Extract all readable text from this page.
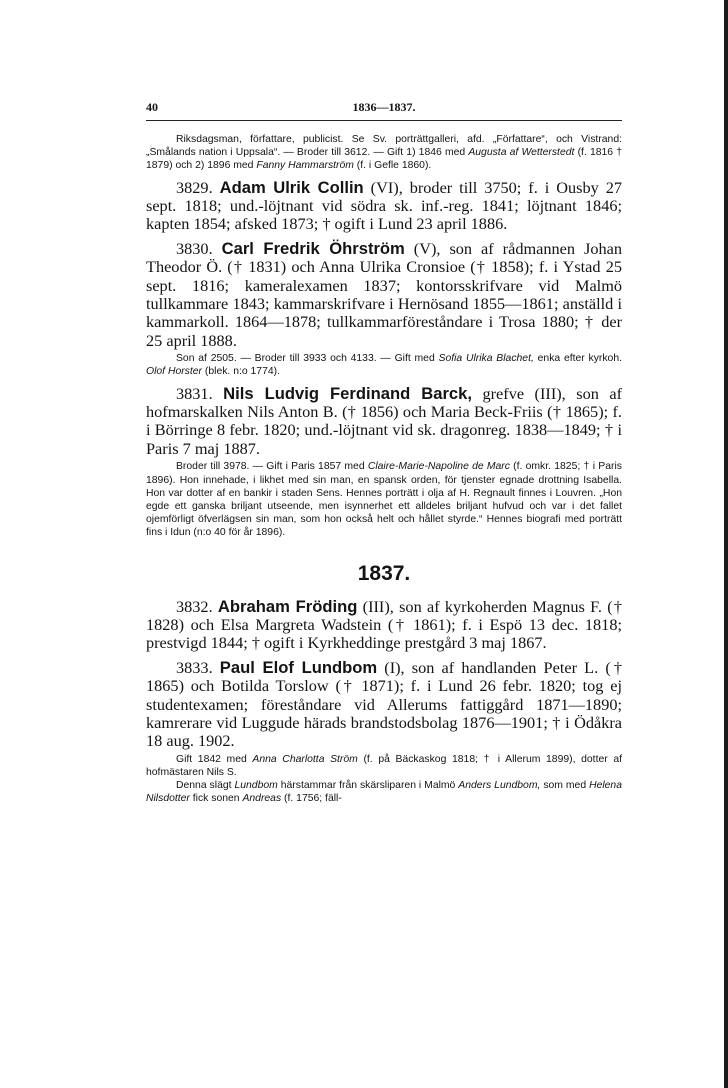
40	1836—1837.

Riksdagsman, författare, publicist. Se Sv. porträttgalleri, afd. „Författare“, och Vistrand: „Smålands nation i Uppsala“. — Broder till 3612. — Gift 1) 1846 med Augusta af Wetterstedt (f. 1816 † 1879) och 2) 1896 med Fanny Hammarström (f. i Gefle 1860).

3829. Adam Ulrik Collin (VI), broder till 3750; f. i Ousby 27 sept. 1818; und.-löjtnant vid södra sk. inf.-reg. 1841; löjtnant 1846; kapten 1854; afsked 1873; † ogift i Lund 23 april 1886.

3830. Carl Fredrik Öhrström (V), son af rådmannen Johan Theodor Ö. († 1831) och Anna Ulrika Cronsioe († 1858); f. i Ystad 25 sept. 1816; kameralexamen 1837; kontorsskrifvare vid Malmö tullkammare 1843; kammarskrifvare i Hernösand 1855—1861; anställd i kammarkoll. 1864—1878; tullkammarföreståndare i Trosa 1880; † der 25 april 1888.

Son af 2505. — Broder till 3933 och 4133. — Gift med Sofia Ulrika Blachet, enka efter kyrkoh. Olof Horster (blek. n:o 1774).

3831. Nils Ludvig Ferdinand Barck, grefve (III), son af hofmarskalken Nils Anton B. († 1856) och Maria Beck-Friis († 1865); f. i Börringe 8 febr. 1820; und.-löjtnant vid sk. dragonreg. 1838—1849; † i Paris 7 maj 1887.

Broder till 3978. — Gift i Paris 1857 med Claire-Marie-Napoline de Marc (f. omkr. 1825; † i Paris 1896). Hon innehade, i likhet med sin man, en spansk orden, för tjenster egnade drottning Isabella. Hon var dotter af en bankir i staden Sens. Hennes porträtt i olja af H. Regnault finnes i Louvren. „Hon egde ett ganska briljant utseende, men isynnerhet ett alldeles briljant hufvud och var i det fallet ojemförligt öfverlägsen sin man, som hon också helt och hållet styrde.“ Hennes biografi med porträtt fins i Idun (n:o 40 för år 1896).

1837.

3832. Abraham Fröding (III), son af kyrkoherden Magnus F. († 1828) och Elsa Margreta Wadstein († 1861); f. i Espö 13 dec. 1818; prestvigd 1844; † ogift i Kyrkheddinge prestgård 3 maj 1867.

3833. Paul Elof Lundbom (I), son af handlanden Peter L. († 1865) och Botilda Torslow († 1871); f. i Lund 26 febr. 1820; tog ej studentexamen; föreståndare vid Allerums fattiggård 1871—1890; kamrerare vid Luggude härads brandstodsbolag 1876—1901; † i Ödåkra 18 aug. 1902.

Gift 1842 med Anna Charlotta Ström (f. på Bäckaskog 1818; † i Allerum 1899), dotter af hofmästaren Nils S.

Denna slägt Lundbom härstammar från skärsliparen i Malmö Anders Lundbom, som med Helena Nilsdotter fick sonen Andreas (f. 1756; fäll-
